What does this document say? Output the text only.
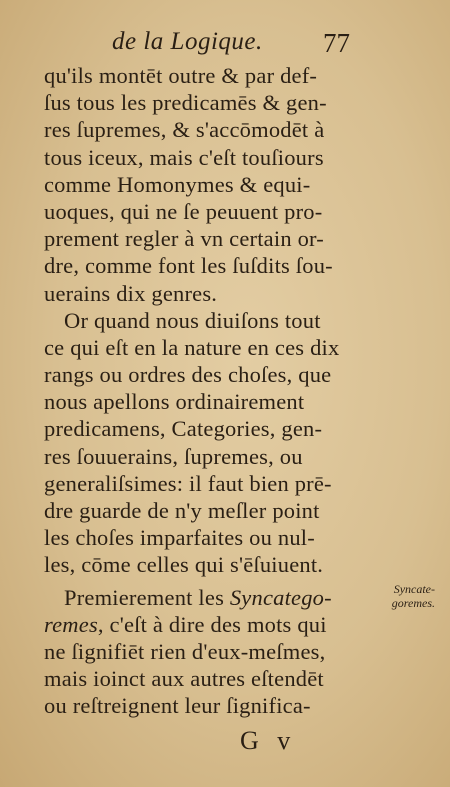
de la Logique. 77
qu'ils montēt outre & par def-
ſus tous les predicamēs & gen-
res ſupremes, & s'accōmodēt à
tous iceux, mais c'eſt touſiours
comme Homonymes & equi-
uoques, qui ne ſe peuuent pro-
prement regler à vn certain or-
dre, comme font les ſuſdits ſou-
uerains dix genres.
Or quand nous diuiſons tout
ce qui eſt en la nature en ces dix
rangs ou ordres des choſes, que
nous apellons ordinairement
predicamens, Categories, gen-
res ſouuerains, ſupremes, ou
generaliſsimes: il faut bien prē-
dre guarde de n'y meſler point
les choſes imparfaites ou nul-
les, cōme celles qui s'ēſuiuent.
Premierement les Syncatego-
remes, c'eſt à dire des mots qui
ne ſignifiēt rien d'eux-meſmes,
mais ioinct aux autres eſtendēt
ou reſtreignent leur ſignifica-
Syncate-
goremes.
G v
